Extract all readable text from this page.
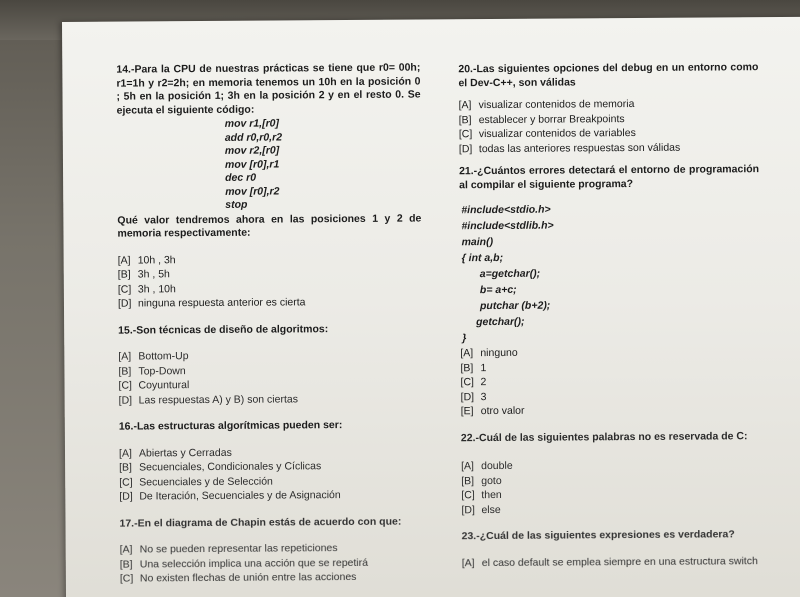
14.-Para la CPU de nuestras prácticas se tiene que r0= 00h; r1=1h y r2=2h; en memoria tenemos un 10h en la posición 0 ; 5h en la posición 1; 3h en la posición 2 y en el resto 0. Se ejecuta el siguiente código:

mov r1,[r0]
add r0,r0,r2
mov r2,[r0]
mov [r0],r1
dec r0
mov [r0],r2
stop

Qué valor tendremos ahora en las posiciones 1 y 2 de memoria respectivamente:

[A] 10h , 3h
[B] 3h , 5h
[C] 3h , 10h
[D] ninguna respuesta anterior es cierta

15.-Son técnicas de diseño de algoritmos:

[A] Bottom-Up
[B] Top-Down
[C] Coyuntural
[D] Las respuestas A) y B) son ciertas

16.-Las estructuras algorítmicas pueden ser:

[A] Abiertas y Cerradas
[B] Secuenciales, Condicionales y Cíclicas
[C] Secuenciales y de Selección
[D] De Iteración, Secuenciales y de Asignación

17.-En el diagrama de Chapin estás de acuerdo con que:

[A] No se pueden representar las repeticiones
[B] Una selección implica una acción que se repetirá
[C] No existen flechas de unión entre las acciones

20.-Las siguientes opciones del debug en un entorno como el Dev-C++, son válidas

[A] visualizar contenidos de memoria
[B] establecer y borrar Breakpoints
[C] visualizar contenidos de variables
[D] todas las anteriores respuestas son válidas

21.-¿Cuántos errores detectará el entorno de programación al compilar el siguiente programa?

#include<stdio.h>
#include<stdlib.h>
main()
{ int a,b;
a=getchar();
b= a+c;
putchar (b+2);
getchar();
}
[A] ninguno
[B] 1
[C] 2
[D] 3
[E] otro valor

22.-Cuál de las siguientes palabras no es reservada de C:

[A] double
[B] goto
[C] then
[D] else

23.-¿Cuál de las siguientes expresiones es verdadera?

[A] el caso default se emplea siempre en una estructura switch
